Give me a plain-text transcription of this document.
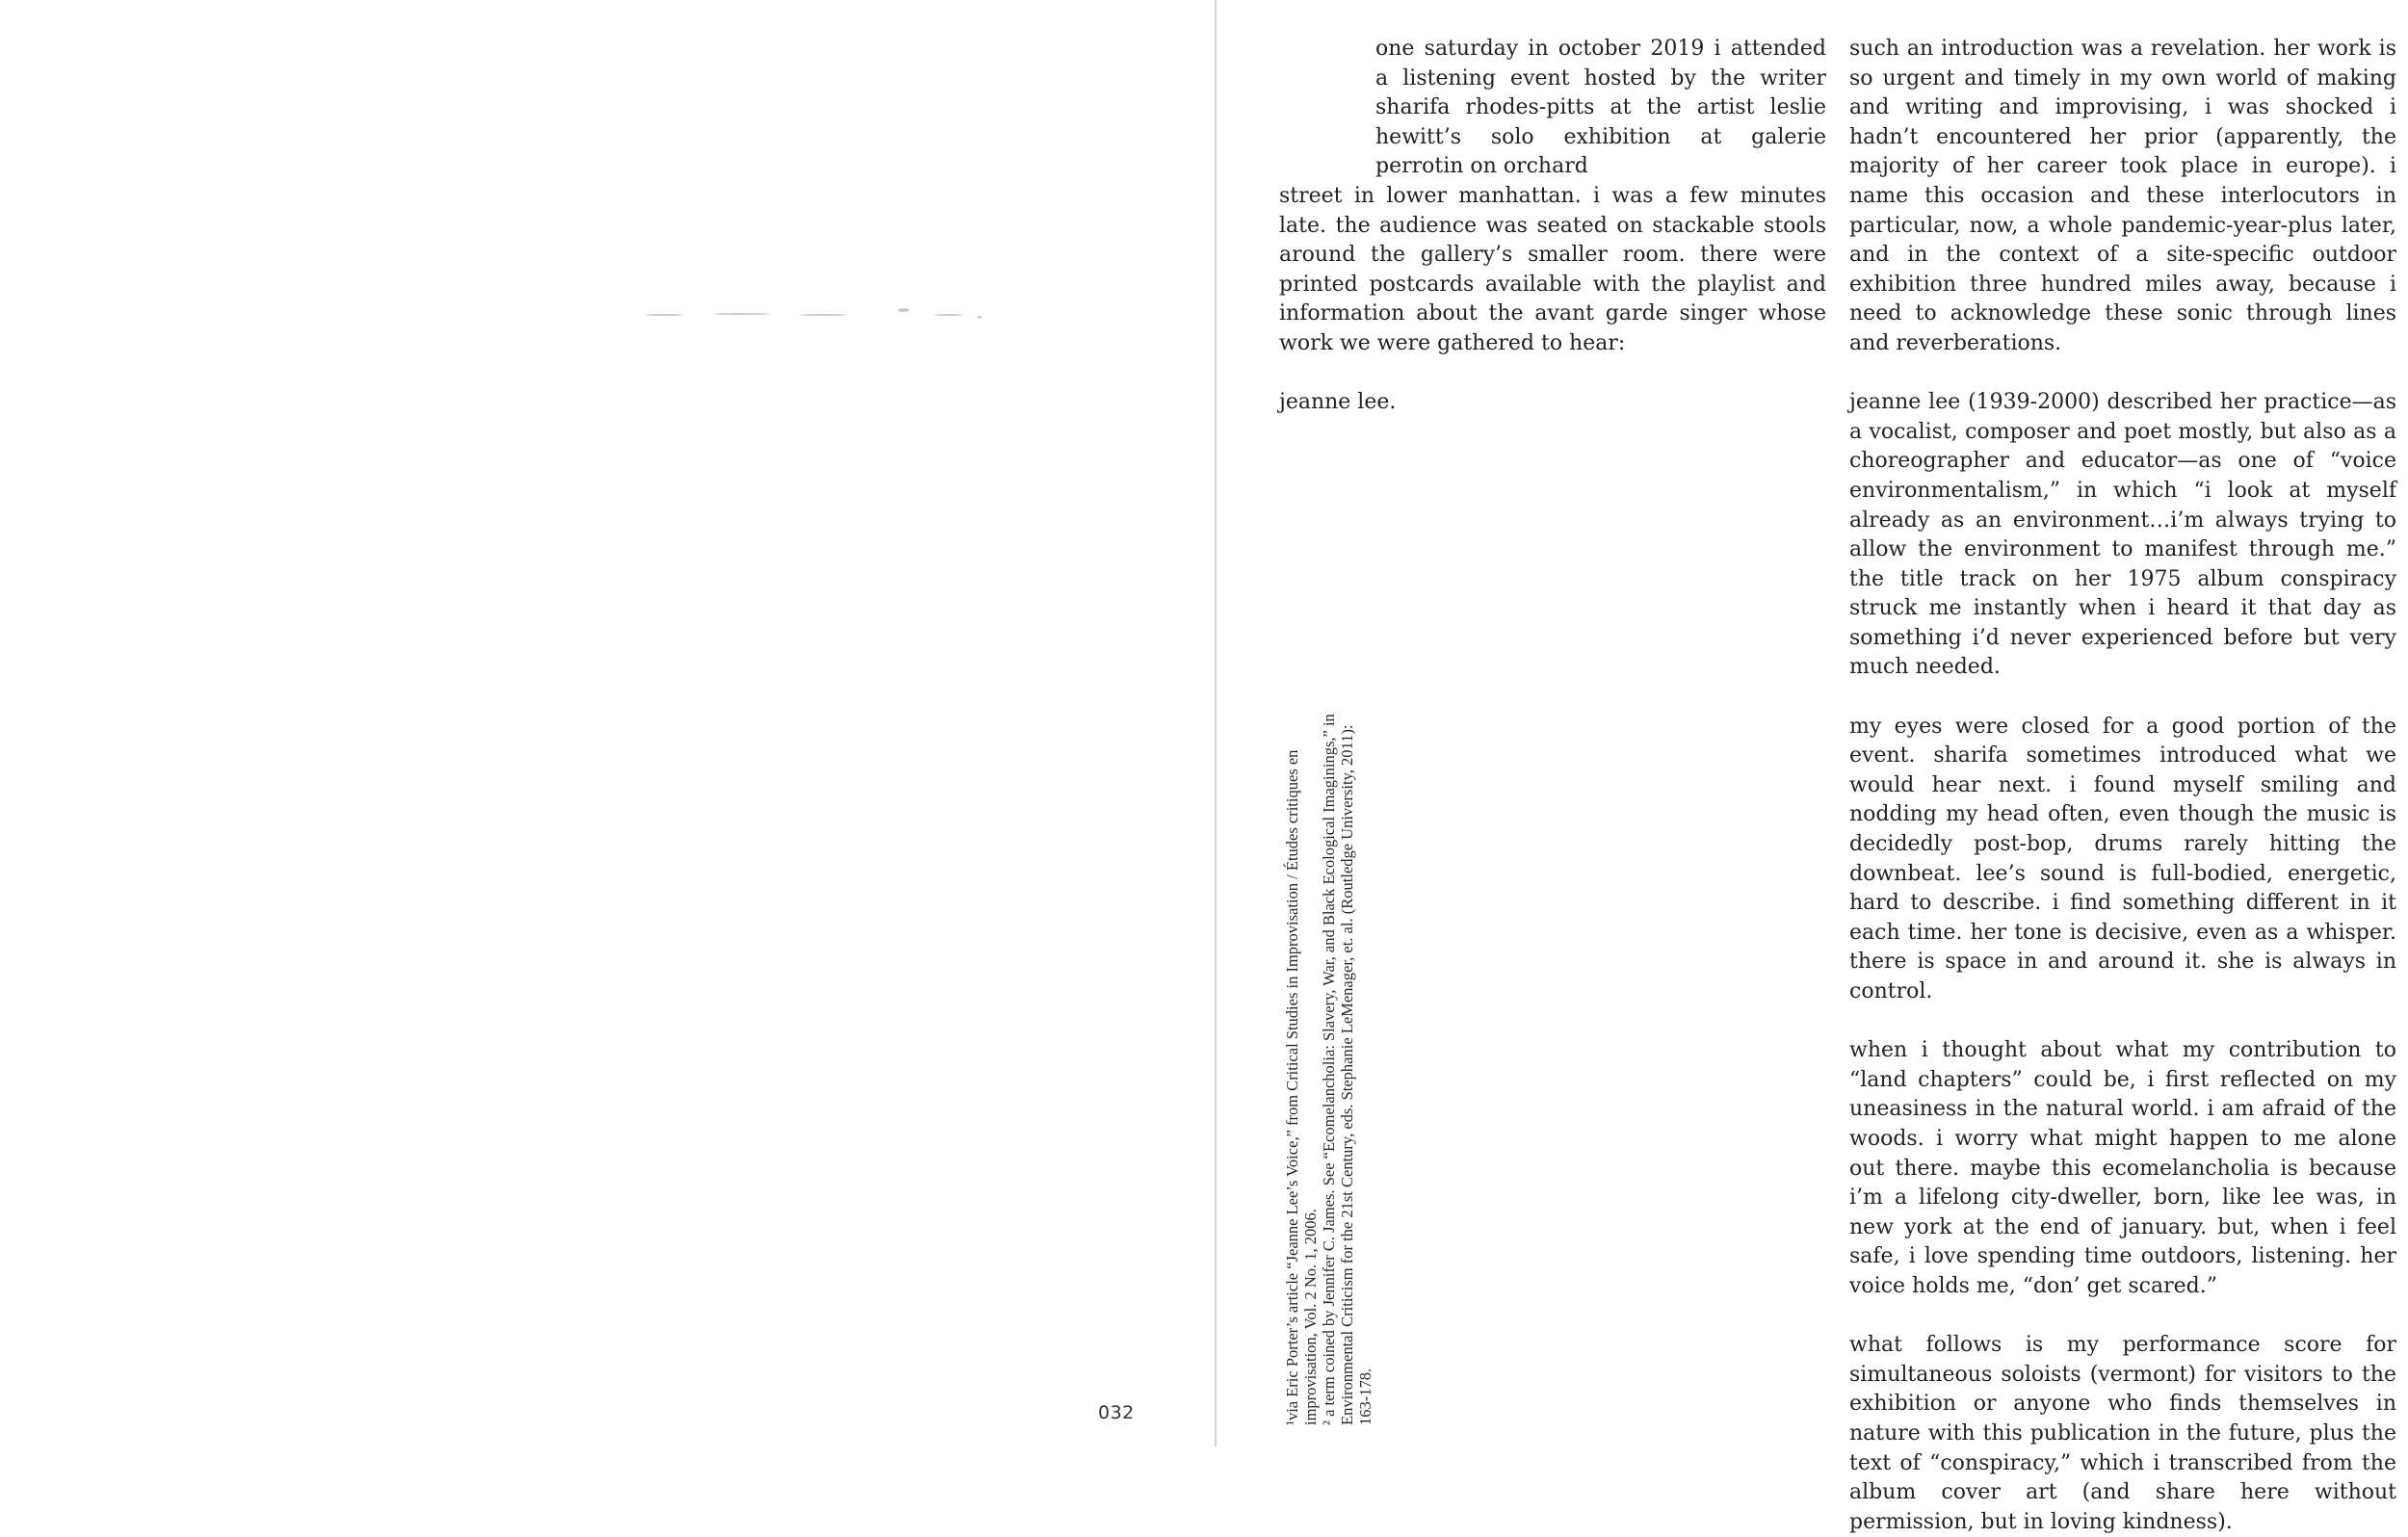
032

one saturday in october 2019 i attended a listening event hosted by the writer sharifa rhodes-pitts at the artist leslie hewitt’s solo exhibition at galerie perrotin on orchard
street in lower manhattan. i was a few minutes late. the audience was seated on stackable stools around the gallery’s smaller room. there were printed postcards available with the playlist and information about the avant garde singer whose work we were gathered to hear:

jeanne lee.

such an introduction was a revelation. her work is so urgent and timely in my own world of making and writing and improvising, i was shocked i hadn’t encountered her prior (apparently, the majority of her career took place in europe). i name this occasion and these interlocutors in particular, now, a whole pandemic-year-plus later, and in the context of a site-specific outdoor exhibition three hundred miles away, because i need to acknowledge these sonic through lines and reverberations.

jeanne lee (1939-2000) described her practice—as a vocalist, composer and poet mostly, but also as a choreographer and educator—as one of “voice environmentalism,” in which “i look at myself already as an environment…i’m always trying to allow the environment to manifest through me.” the title track on her 1975 album conspiracy struck me instantly when i heard it that day as something i’d never experienced before but very much needed.

my eyes were closed for a good portion of the event. sharifa sometimes introduced what we would hear next. i found myself smiling and nodding my head often, even though the music is decidedly post-bop, drums rarely hitting the downbeat. lee’s sound is full-bodied, energetic, hard to describe. i find something different in it each time. her tone is decisive, even as a whisper. there is space in and around it. she is always in control.

when i thought about what my contribution to “land chapters” could be, i first reflected on my uneasiness in the natural world. i am afraid of the woods. i worry what might happen to me alone out there. maybe this ecomelancholia is because i’m a lifelong city-dweller, born, like lee was, in new york at the end of january. but, when i feel safe, i love spending time outdoors, listening. her voice holds me, “don’ get scared.”

what follows is my performance score for simultaneous soloists (vermont) for visitors to the exhibition or anyone who finds themselves in nature with this publication in the future, plus the text of “conspiracy,” which i transcribed from the album cover art (and share here without permission, but in loving kindness).

¹via Eric Porter’s article “Jeanne Lee’s Voice,” from Critical Studies in Improvisation / Études critiques en improvisation, Vol. 2 No. 1, 2006. ² a term coined by Jennifer C. James. See “Ecomelancholia: Slavery, War, and Black Ecological Imaginings,” in Environmental Criticism for the 21st Century, eds. Stephanie LeMenager, et. al. (Routledge University, 2011): 163-178.
